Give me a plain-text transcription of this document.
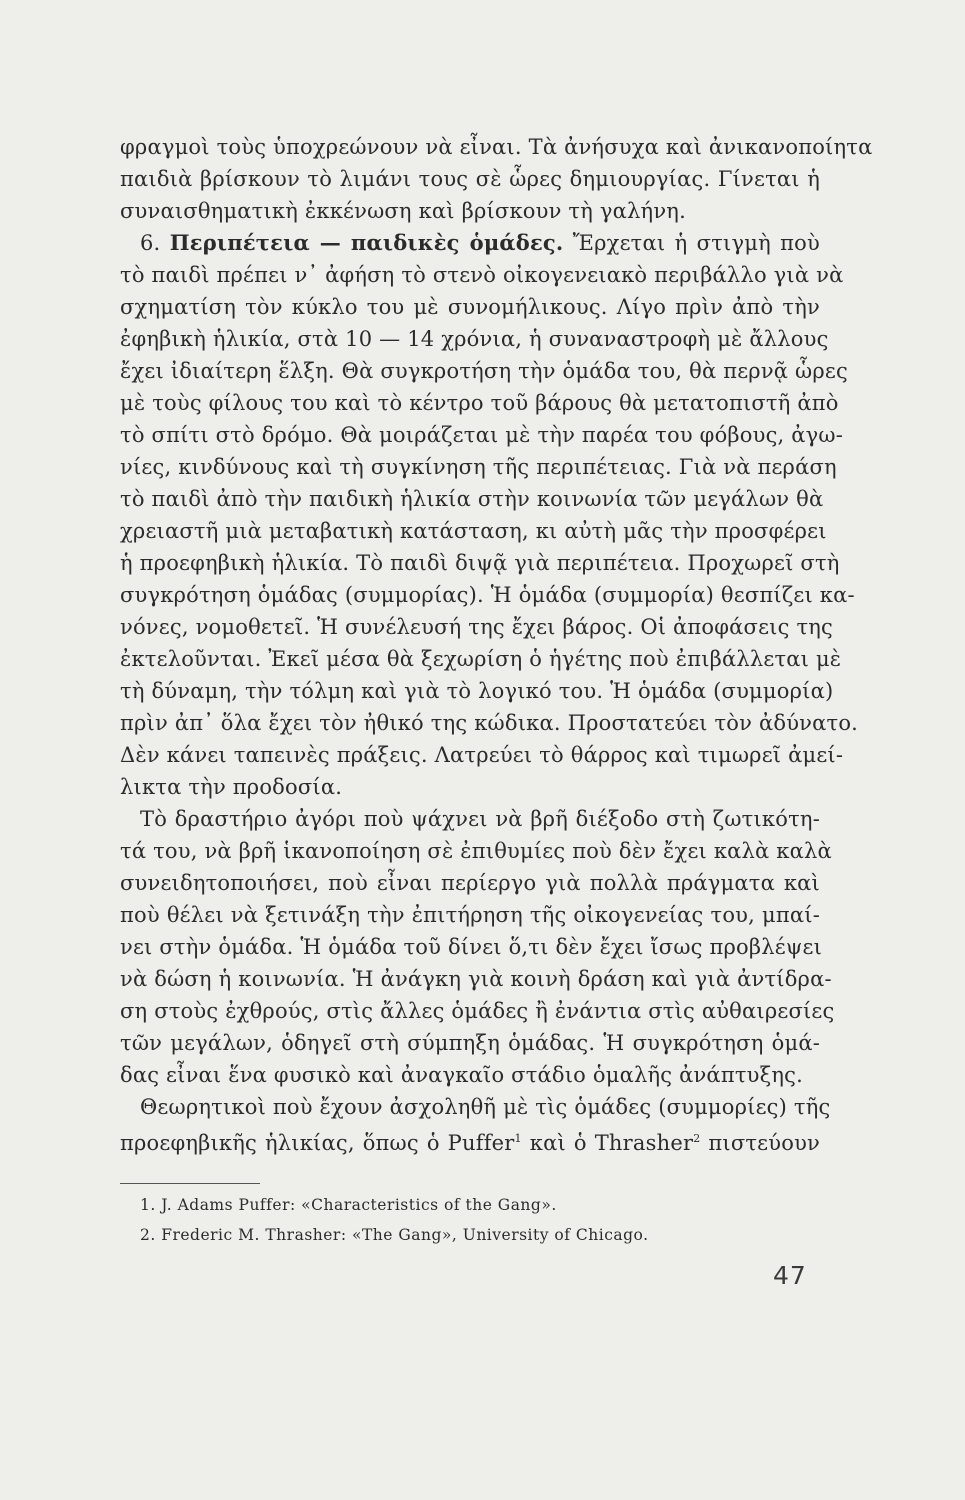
φραγμοὶ τοὺς ὑποχρεώνουν νὰ εἶναι. Τὰ ἀνήσυχα καὶ ἀνικανοποίητα
παιδιὰ βρίσκουν τὸ λιμάνι τους σὲ ὧρες δημιουργίας. Γίνεται ἡ
συναισθηματικὴ ἐκκένωση καὶ βρίσκουν τὴ γαλήνη.
6. Περιπέτεια — παιδικὲς ὁμάδες. Ἔρχεται ἡ στιγμὴ ποὺ
τὸ παιδὶ πρέπει ν᾽ ἀφήση τὸ στενὸ οἰκογενειακὸ περιβάλλο γιὰ νὰ
σχηματίση τὸν κύκλο του μὲ συνομήλικους. Λίγο πρὶν ἀπὸ τὴν
ἐφηβικὴ ἡλικία, στὰ 10 — 14 χρόνια, ἡ συναναστροφὴ μὲ ἄλλους
ἔχει ἰδιαίτερη ἕλξη. Θὰ συγκροτήση τὴν ὁμάδα του, θὰ περνᾷ ὧρες
μὲ τοὺς φίλους του καὶ τὸ κέντρο τοῦ βάρους θὰ μετατοπιστῆ ἀπὸ
τὸ σπίτι στὸ δρόμο. Θὰ μοιράζεται μὲ τὴν παρέα του φόβους, ἀγω-
νίες, κινδύνους καὶ τὴ συγκίνηση τῆς περιπέτειας. Γιὰ νὰ περάση
τὸ παιδὶ ἀπὸ τὴν παιδικὴ ἡλικία στὴν κοινωνία τῶν μεγάλων θὰ
χρειαστῆ μιὰ μεταβατικὴ κατάσταση, κι αὐτὴ μᾶς τὴν προσφέρει
ἡ προεφηβικὴ ἡλικία. Τὸ παιδὶ διψᾷ γιὰ περιπέτεια. Προχωρεῖ στὴ
συγκρότηση ὁμάδας (συμμορίας). Ἡ ὁμάδα (συμμορία) θεσπίζει κα-
νόνες, νομοθετεῖ. Ἡ συνέλευσή της ἔχει βάρος. Οἱ ἀποφάσεις της
ἐκτελοῦνται. Ἐκεῖ μέσα θὰ ξεχωρίση ὁ ἡγέτης ποὺ ἐπιβάλλεται μὲ
τὴ δύναμη, τὴν τόλμη καὶ γιὰ τὸ λογικό του. Ἡ ὁμάδα (συμμορία)
πρὶν ἀπ᾽ ὅλα ἔχει τὸν ἠθικό της κώδικα. Προστατεύει τὸν ἀδύνατο.
Δὲν κάνει ταπεινὲς πράξεις. Λατρεύει τὸ θάρρος καὶ τιμωρεῖ ἀμεί-
λικτα τὴν προδοσία.
Τὸ δραστήριο ἀγόρι ποὺ ψάχνει νὰ βρῆ διέξοδο στὴ ζωτικότη-
τά του, νὰ βρῆ ἱκανοποίηση σὲ ἐπιθυμίες ποὺ δὲν ἔχει καλὰ καλὰ
συνειδητοποιήσει, ποὺ εἶναι περίεργο γιὰ πολλὰ πράγματα καὶ
ποὺ θέλει νὰ ξετινάξη τὴν ἐπιτήρηση τῆς οἰκογενείας του, μπαί-
νει στὴν ὁμάδα. Ἡ ὁμάδα τοῦ δίνει ὅ,τι δὲν ἔχει ἴσως προβλέψει
νὰ δώση ἡ κοινωνία. Ἡ ἀνάγκη γιὰ κοινὴ δράση καὶ γιὰ ἀντίδρα-
ση στοὺς ἐχθρούς, στὶς ἄλλες ὁμάδες ἢ ἐνάντια στὶς αὐθαιρεσίες
τῶν μεγάλων, ὁδηγεῖ στὴ σύμπηξη ὁμάδας. Ἡ συγκρότηση ὁμά-
δας εἶναι ἕνα φυσικὸ καὶ ἀναγκαῖο στάδιο ὁμαλῆς ἀνάπτυξης.
Θεωρητικοὶ ποὺ ἔχουν ἀσχοληθῆ μὲ τὶς ὁμάδες (συμμορίες) τῆς
προεφηβικῆς ἡλικίας, ὅπως ὁ Puffer$^1$ καὶ ὁ Thrasher$^2$ πιστεύουν
1. J. Adams Puffer: «Characteristics of the Gang».
2. Frederic M. Thrasher: «The Gang», University of Chicago.
47
